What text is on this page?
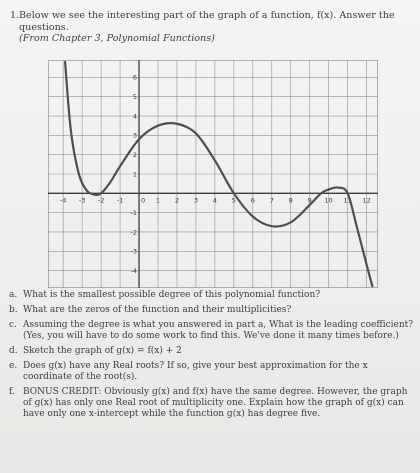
1.Below we see the interesting part of the graph of a function, f(x). Answer the
questions.
(From Chapter 3, Polynomial Functions)
-4 -3 -2 -1	0 1 2 3 4 5 6 7 8 9 10 11 12
-4
-3
-2
-1
1
2
3
4
5
6
a. What is the smallest possible degree of this polynomial function?
b. What are the zeros of the function and their multiplicities?
c. Assuming the degree is what you answered in part a, What is the leading coefficient? (Yes, you will have to do some work to find this. We've done it many times before.)
d. Sketch the graph of g(x) = f(x) + 2
e. Does g(x) have any Real roots? If so, give your best approximation for the x coordinate of the root(s).
f. BONUS CREDIT: Obviously g(x) and f(x) have the same degree. However, the graph of g(x) has only one Real root of multiplicity one. Explain how the graph of g(x) can have only one x-intercept while the function g(x) has degree five.
